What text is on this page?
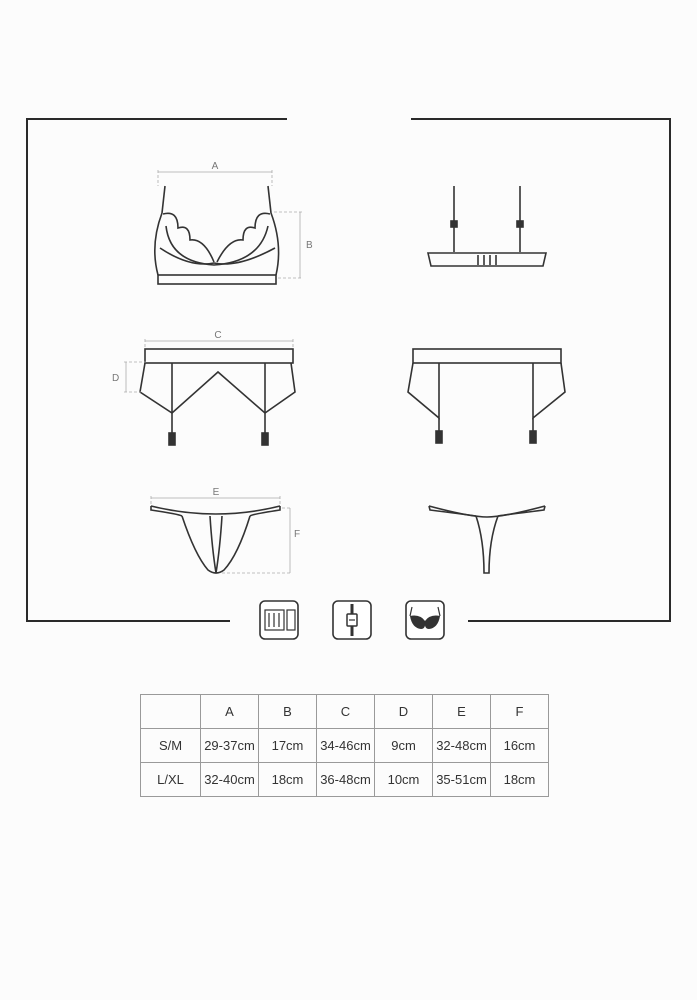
A
B
C
D
E
F
	A	B	C	D	E	F
S/M	29-37cm	17cm	34-46cm	9cm	32-48cm	16cm
L/XL	32-40cm	18cm	36-48cm	10cm	35-51cm	18cm
